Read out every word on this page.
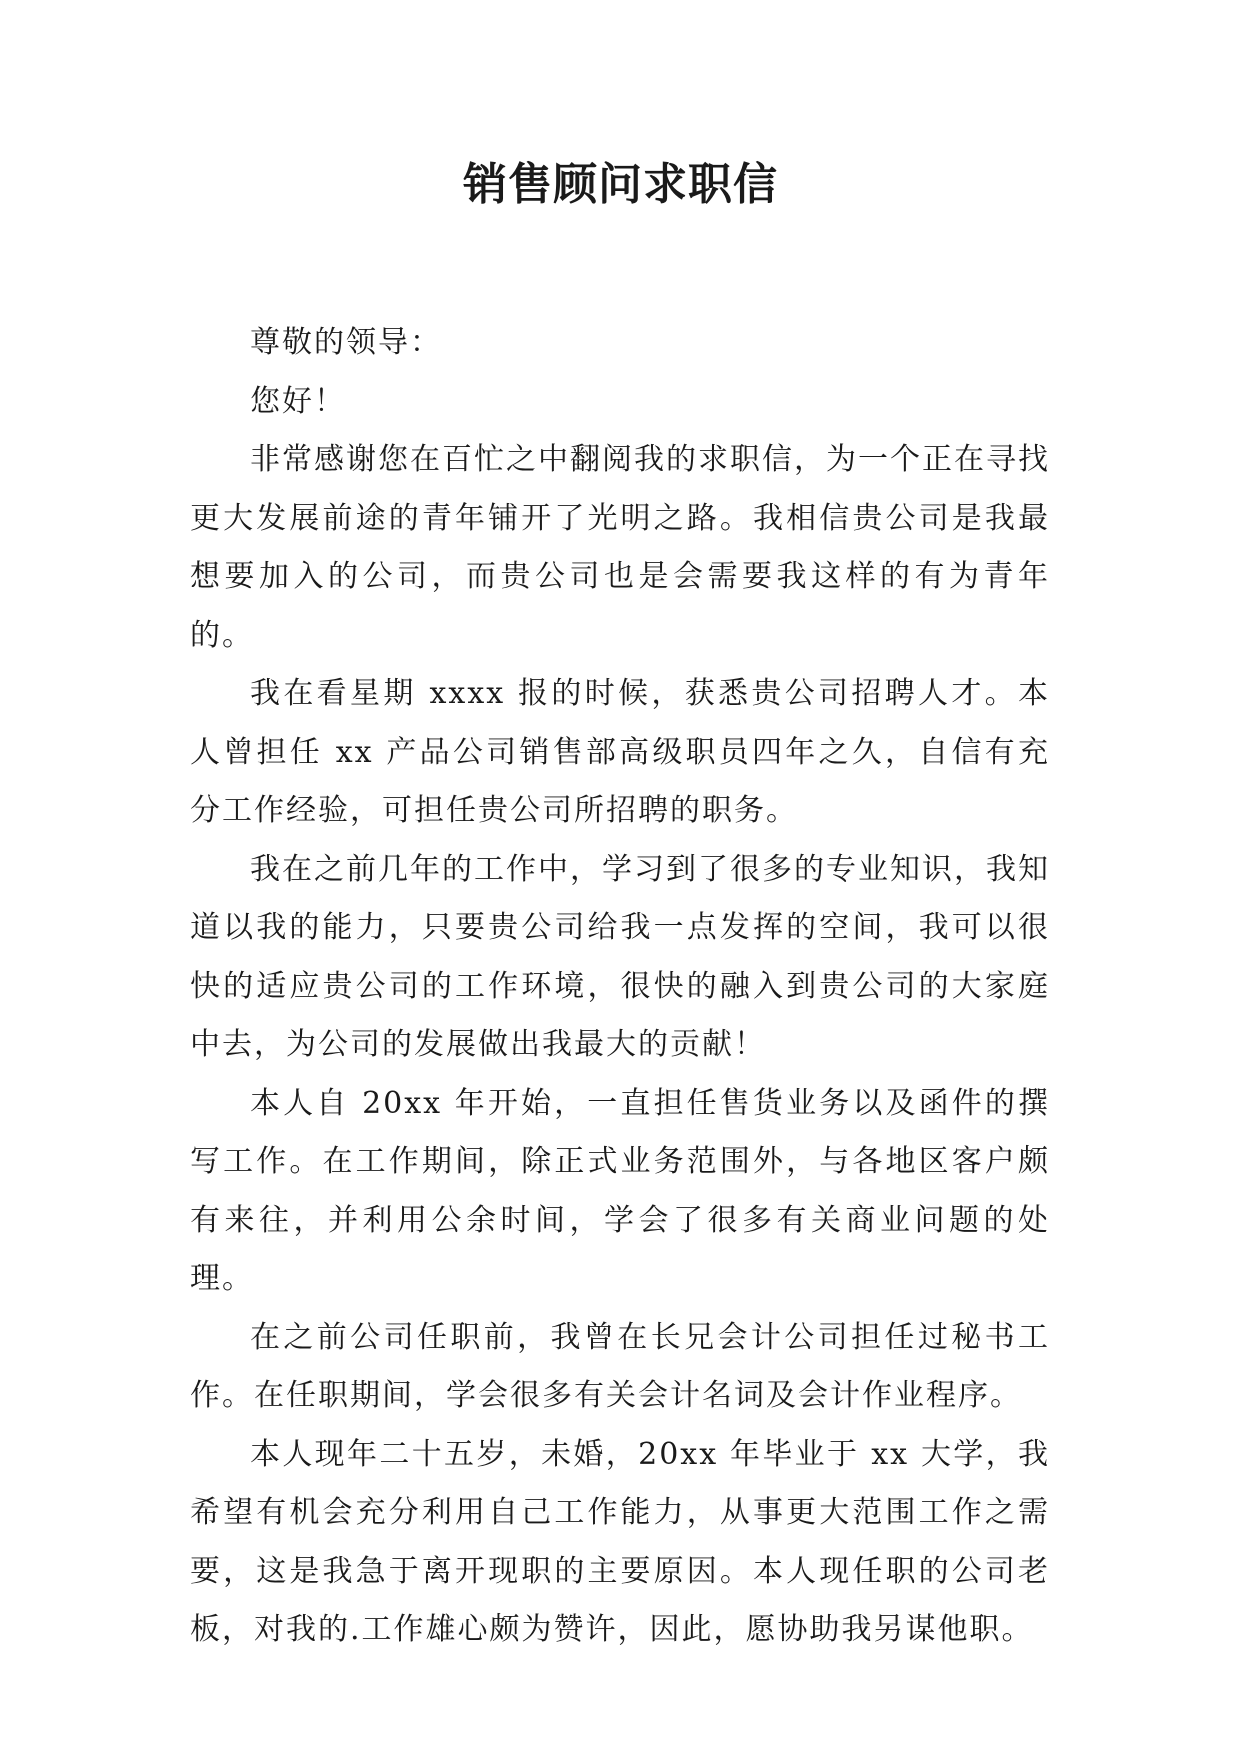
销售顾问求职信

尊敬的领导：

您好！

非常感谢您在百忙之中翻阅我的求职信，为一个正在寻找更大发展前途的青年铺开了光明之路。我相信贵公司是我最想要加入的公司，而贵公司也是会需要我这样的有为青年的。

我在看星期 xxxx 报的时候，获悉贵公司招聘人才。本人曾担任 xx 产品公司销售部高级职员四年之久，自信有充分工作经验，可担任贵公司所招聘的职务。

我在之前几年的工作中，学习到了很多的专业知识，我知道以我的能力，只要贵公司给我一点发挥的空间，我可以很快的适应贵公司的工作环境，很快的融入到贵公司的大家庭中去，为公司的发展做出我最大的贡献！

本人自 20xx 年开始，一直担任售货业务以及函件的撰写工作。在工作期间，除正式业务范围外，与各地区客户颇有来往，并利用公余时间，学会了很多有关商业问题的处理。

在之前公司任职前，我曾在长兄会计公司担任过秘书工作。在任职期间，学会很多有关会计名词及会计作业程序。

本人现年二十五岁，未婚，20xx 年毕业于 xx 大学，我希望有机会充分利用自己工作能力，从事更大范围工作之需要，这是我急于离开现职的主要原因。本人现任职的公司老板，对我的.工作雄心颇为赞许，因此，愿协助我另谋他职。
